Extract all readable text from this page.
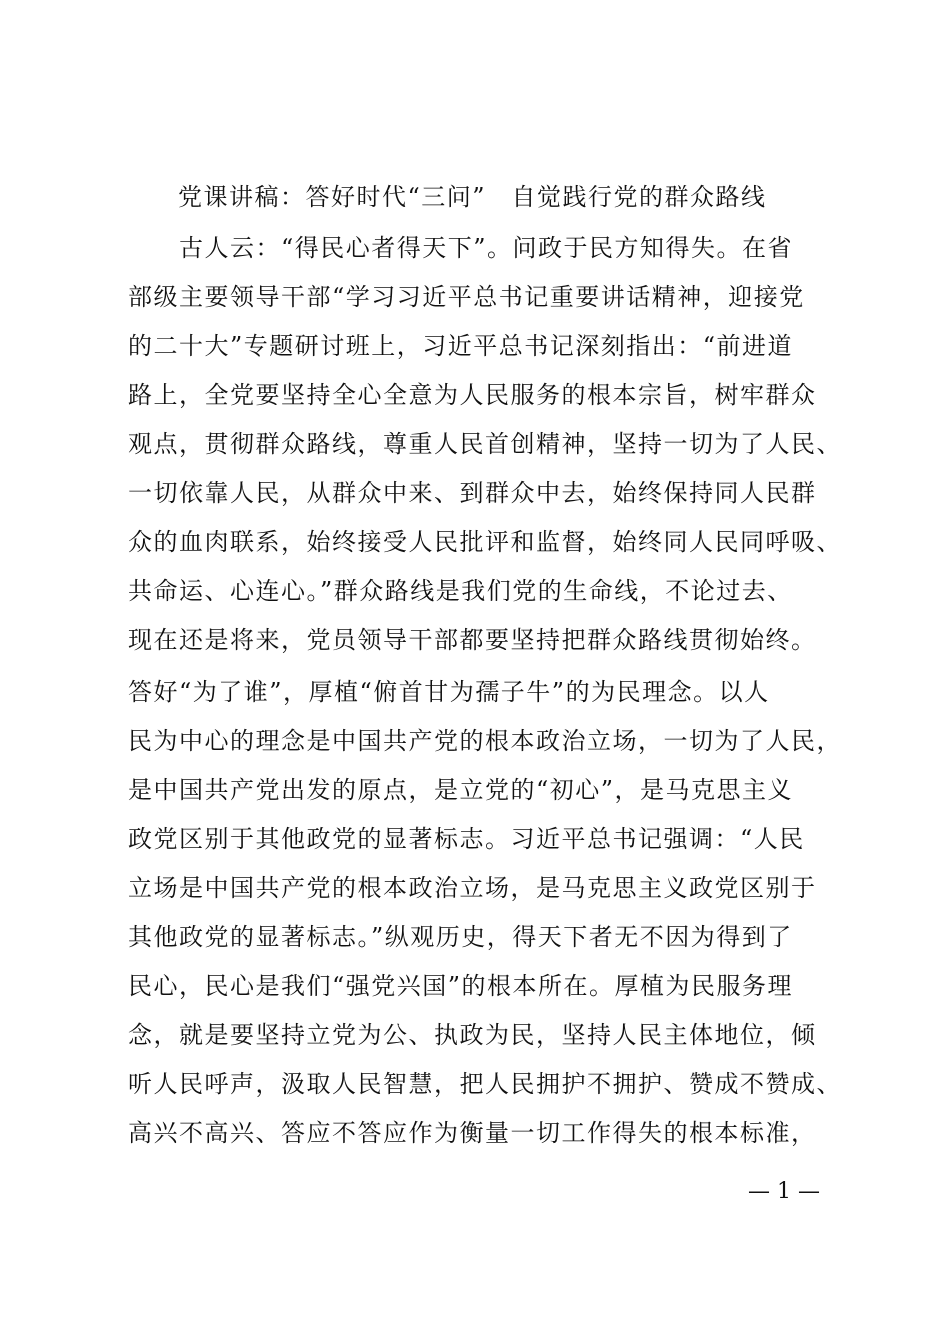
党课讲稿：答好时代“三问”　自觉践行党的群众路线
　　古人云：“得民心者得天下”。问政于民方知得失。在省
部级主要领导干部“学习习近平总书记重要讲话精神，迎接党
的二十大”专题研讨班上，习近平总书记深刻指出：“前进道
路上，全党要坚持全心全意为人民服务的根本宗旨，树牢群众
观点，贯彻群众路线，尊重人民首创精神，坚持一切为了人民、
一切依靠人民，从群众中来、到群众中去，始终保持同人民群
众的血肉联系，始终接受人民批评和监督，始终同人民同呼吸、
共命运、心连心。”群众路线是我们党的生命线，不论过去、
现在还是将来，党员领导干部都要坚持把群众路线贯彻始终。
答好“为了谁”，厚植“俯首甘为孺子牛”的为民理念。以人
民为中心的理念是中国共产党的根本政治立场，一切为了人民，
是中国共产党出发的原点，是立党的“初心”，是马克思主义
政党区别于其他政党的显著标志。习近平总书记强调：“人民
立场是中国共产党的根本政治立场，是马克思主义政党区别于
其他政党的显著标志。”纵观历史，得天下者无不因为得到了
民心，民心是我们“强党兴国”的根本所在。厚植为民服务理
念，就是要坚持立党为公、执政为民，坚持人民主体地位，倾
听人民呼声，汲取人民智慧，把人民拥护不拥护、赞成不赞成、
高兴不高兴、答应不答应作为衡量一切工作得失的根本标准，
— 1 —
